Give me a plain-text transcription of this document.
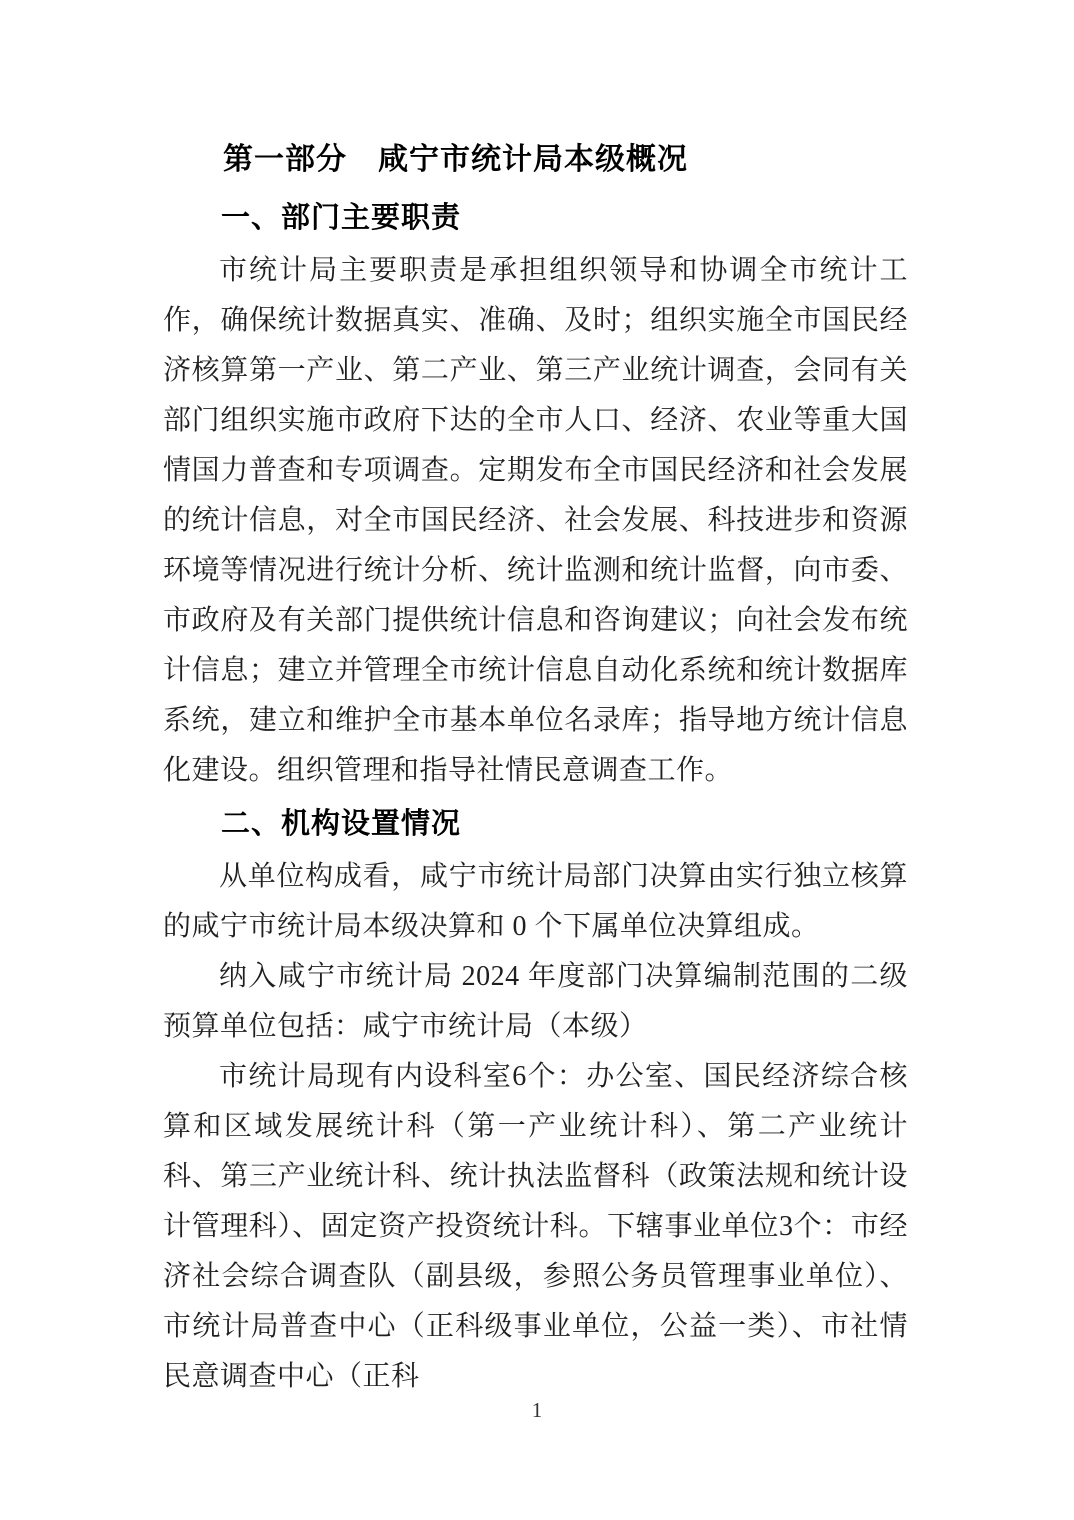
第一部分　咸宁市统计局本级概况
一、部门主要职责

市统计局主要职责是承担组织领导和协调全市统计工作，确保统计数据真实、准确、及时；组织实施全市国民经济核算第一产业、第二产业、第三产业统计调查，会同有关部门组织实施市政府下达的全市人口、经济、农业等重大国情国力普查和专项调查。定期发布全市国民经济和社会发展的统计信息，对全市国民经济、社会发展、科技进步和资源环境等情况进行统计分析、统计监测和统计监督，向市委、市政府及有关部门提供统计信息和咨询建议；向社会发布统计信息；建立并管理全市统计信息自动化系统和统计数据库系统，建立和维护全市基本单位名录库；指导地方统计信息化建设。组织管理和指导社情民意调查工作。

二、机构设置情况

从单位构成看，咸宁市统计局部门决算由实行独立核算的咸宁市统计局本级决算和 0 个下属单位决算组成。

纳入咸宁市统计局 2024 年度部门决算编制范围的二级预算单位包括：咸宁市统计局（本级）

市统计局现有内设科室6个：办公室、国民经济综合核算和区域发展统计科（第一产业统计科）、第二产业统计科、第三产业统计科、统计执法监督科（政策法规和统计设计管理科）、固定资产投资统计科。下辖事业单位3个：市经济社会综合调查队（副县级，参照公务员管理事业单位）、市统计局普查中心（正科级事业单位，公益一类）、市社情民意调查中心（正科

1
